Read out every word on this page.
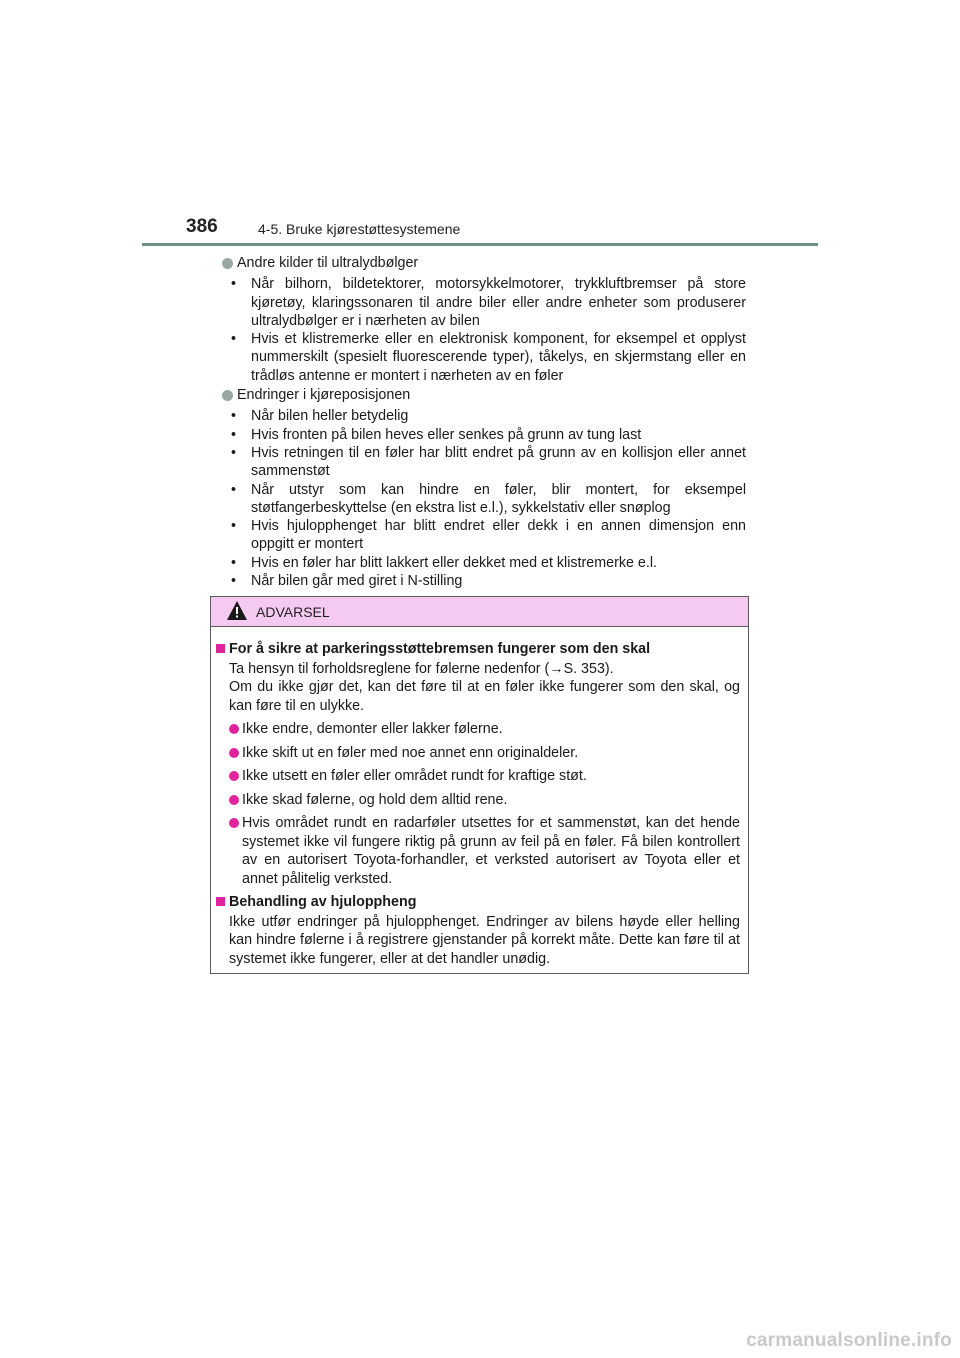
386	4-5. Bruke kjørestøttesystemene

Andre kilder til ultralydbølger

• Når bilhorn, bildetektorer, motorsykkelmotorer, trykkluftbremser på store kjøretøy, klaringssonaren til andre biler eller andre enheter som produserer ultralydbølger er i nærheten av bilen
• Hvis et klistremerke eller en elektronisk komponent, for eksempel et opplyst nummerskilt (spesielt fluorescerende typer), tåkelys, en skjermstang eller en trådløs antenne er montert i nærheten av en føler

Endringer i kjøreposisjonen

• Når bilen heller betydelig
• Hvis fronten på bilen heves eller senkes på grunn av tung last
• Hvis retningen til en føler har blitt endret på grunn av en kollisjon eller annet sammenstøt
• Når utstyr som kan hindre en føler, blir montert, for eksempel støtfangerbeskyttelse (en ekstra list e.l.), sykkelstativ eller snøplog
• Hvis hjulopphenget har blitt endret eller dekk i en annen dimensjon enn oppgitt er montert
• Hvis en føler har blitt lakkert eller dekket med et klistremerke e.l.
• Når bilen går med giret i N-stilling
ADVARSEL
For å sikre at parkeringsstøttebremsen fungerer som den skal
Ta hensyn til forholdsreglene for følerne nedenfor (→S. 353).
Om du ikke gjør det, kan det føre til at en føler ikke fungerer som den skal, og kan føre til en ulykke.
Ikke endre, demonter eller lakker følerne.
Ikke skift ut en føler med noe annet enn originaldeler.
Ikke utsett en føler eller området rundt for kraftige støt.
Ikke skad følerne, og hold dem alltid rene.
Hvis området rundt en radarføler utsettes for et sammenstøt, kan det hende systemet ikke vil fungere riktig på grunn av feil på en føler. Få bilen kontrollert av en autorisert Toyota-forhandler, et verksted autorisert av Toyota eller et annet pålitelig verksted.
Behandling av hjuloppheng
Ikke utfør endringer på hjulopphenget. Endringer av bilens høyde eller helling kan hindre følerne i å registrere gjenstander på korrekt måte. Dette kan føre til at systemet ikke fungerer, eller at det handler unødig.
carmanualsonline.info
